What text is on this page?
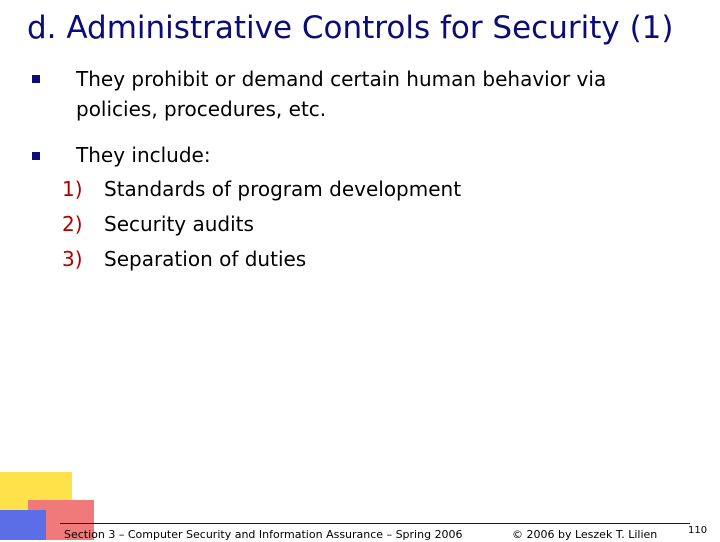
d. Administrative Controls for Security (1)
They prohibit or demand certain human behavior via
policies, procedures, etc.
They include:
1) Standards of program development
2) Security audits
3) Separation of duties
Section 3 – Computer Security and Information Assurance – Spring 2006	© 2006 by Leszek T. Lilien	110
